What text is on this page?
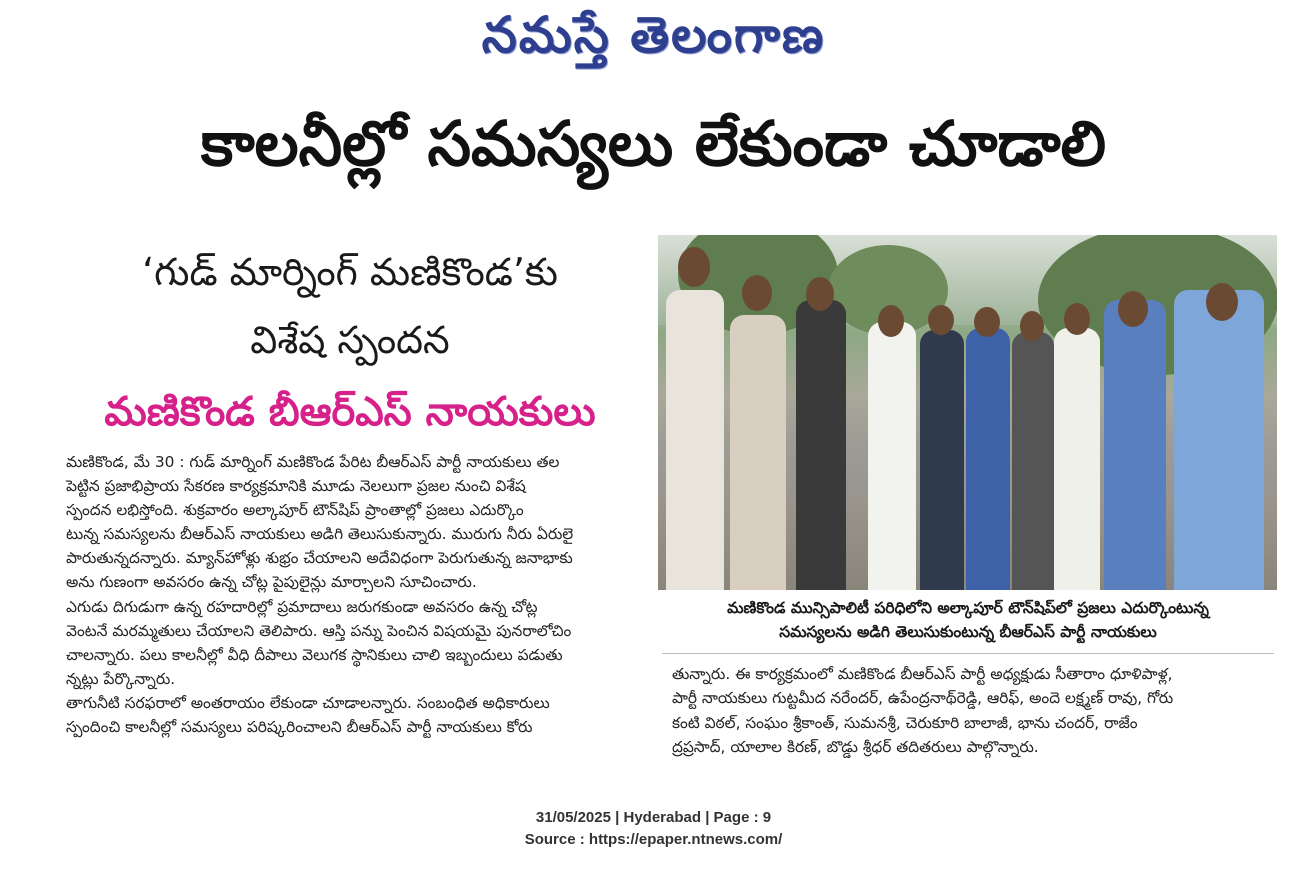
నమస్తే తెలంగాణ
కాలనీల్లో సమస్యలు లేకుండా చూడాలి
‘గుడ్ మార్నింగ్ మణికొండ’కు
విశేష స్పందన
మణికొండ బీఆర్ఎస్ నాయకులు

మణికొండ, మే 30 : గుడ్ మార్నింగ్ మణికొండ పేరిట బీఆర్ఎస్ పార్టీ నాయకులు తల

పెట్టిన ప్రజాభిప్రాయ సేకరణ కార్యక్రమానికి మూడు నెలలుగా ప్రజల నుంచి విశేష

స్పందన లభిస్తోంది. శుక్రవారం అల్కాపూర్ టౌన్‌షిప్ ప్రాంతాల్లో ప్రజలు ఎదుర్కొం

టున్న సమస్యలను బీఆర్ఎస్ నాయకులు అడిగి తెలుసుకున్నారు. మురుగు నీరు ఏరులై

పారుతున్నదన్నారు. మ్యాన్‌హోళ్లు శుభ్రం చేయాలని అదేవిధంగా పెరుగుతున్న జనాభాకు

అను గుణంగా అవసరం ఉన్న చోట్ల పైపులైన్లు మార్చాలని సూచించారు.

ఎగుడు దిగుడుగా ఉన్న రహదారిల్లో ప్రమాదాలు జరుగకుండా అవసరం ఉన్న చోట్ల

వెంటనే మరమ్మతులు చేయాలని తెలిపారు. ఆస్తి పన్ను పెంచిన విషయమై పునరాలోచిం

చాలన్నారు. పలు కాలనీల్లో వీధి దీపాలు వెలుగక స్థానికులు చాలి ఇబ్బందులు పడుతు

న్నట్లు పేర్కొన్నారు.

తాగునీటి సరఫరాలో అంతరాయం లేకుండా చూడాలన్నారు. సంబంధిత అధికారులు

స్పందించి కాలనీల్లో సమస్యలు పరిష్కరించాలని బీఆర్ఎస్ పార్టీ నాయకులు కోరు

మణికొండ మున్సిపాలిటీ పరిధిలోని అల్కాపూర్ టౌన్‌షిప్‌లో ప్రజలు ఎదుర్కొంటున్న

సమస్యలను అడిగి తెలుసుకుంటున్న బీఆర్ఎస్ పార్టీ నాయకులు

తున్నారు. ఈ కార్యక్రమంలో మణికొండ బీఆర్ఎస్ పార్టీ అధ్యక్షుడు సీతారాం ధూళిపాళ్ల,

పార్టీ నాయకులు గుట్టమీద నరేందర్, ఉపేంద్రనాథ్‌రెడ్డి, ఆరిఫ్, అందె లక్ష్మణ్ రావు, గోరు

కంటి విఠల్, సంఘం శ్రీకాంత్, సుమనశ్రీ, చెరుకూరి బాలాజీ, భాను చందర్, రాజేం

ద్రప్రసాద్, యాలాల కిరణ్, బొడ్డు శ్రీధర్ తదితరులు పాల్గొన్నారు.

31/05/2025 | Hyderabad | Page : 9

Source : https://epaper.ntnews.com/
